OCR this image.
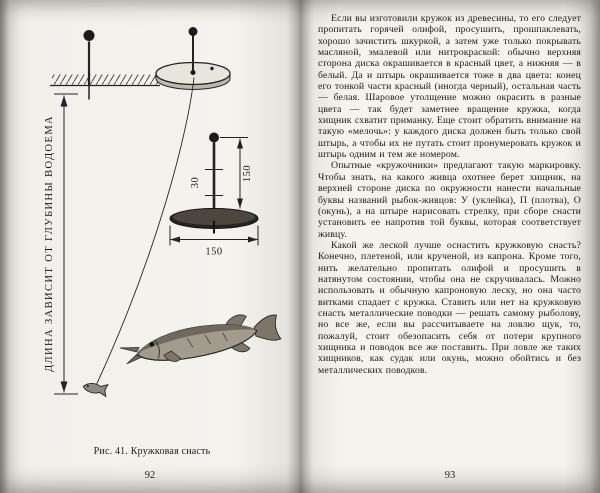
ДЛИНА ЗАВИСИТ ОТ ГЛУБИНЫ ВОДОЕМА	30
150
150
Рис. 41. Кружковая снасть
92

Если вы изготовили кружок из древесины, то его следует пропитать горячей олифой, просушить, прошпаклевать, хорошо зачистить шкуркой, а затем уже только покрывать масляной, эмалевой или нитрокраской: обычно верхняя сторона диска окрашивается в красный цвет, а нижняя — в белый. Да и штырь окрашивается тоже в два цвета: конец его тонкой части красный (иногда черный), остальная часть — белая. Шаровое утолщение можно окрасить в разные цвета — так будет заметнее вращение кружка, когда хищник схватит приманку. Еще стоит обратить внимание на такую «мелочь»: у каждого диска должен быть только свой штырь, а чтобы их не путать стоит пронумеровать кружок и штырь одним и тем же номером.

Опытные «кружочники» предлагают такую маркировку. Чтобы знать, на какого живца охотнее берет хищник, на верхней стороне диска по окружности нанести начальные буквы названий рыбок-живцов: У (уклейка), П (плотва), О (окунь), а на штыре нарисовать стрелку, при сборе снасти установить ее напротив той буквы, которая соответствует живцу.

Какой же леской лучше оснастить кружковую снасть? Конечно, плетеной, или крученой, из капрона. Кроме того, нить желательно пропитать олифой и просушить в натянутом состоянии, чтобы она не скручивалась. Можно использовать и обычную капроновую леску, но она часто витками спадает с кружка. Ставить или нет на кружковую снасть металлические поводки — решать самому рыболову, но все же, если вы рассчитываете на ловлю щук, то, пожалуй, стоит обезопасить себя от потери крупного хищника и поводок все же поставить. При ловле же таких хищников, как судак или окунь, можно обойтись и без металлических поводков.

93
